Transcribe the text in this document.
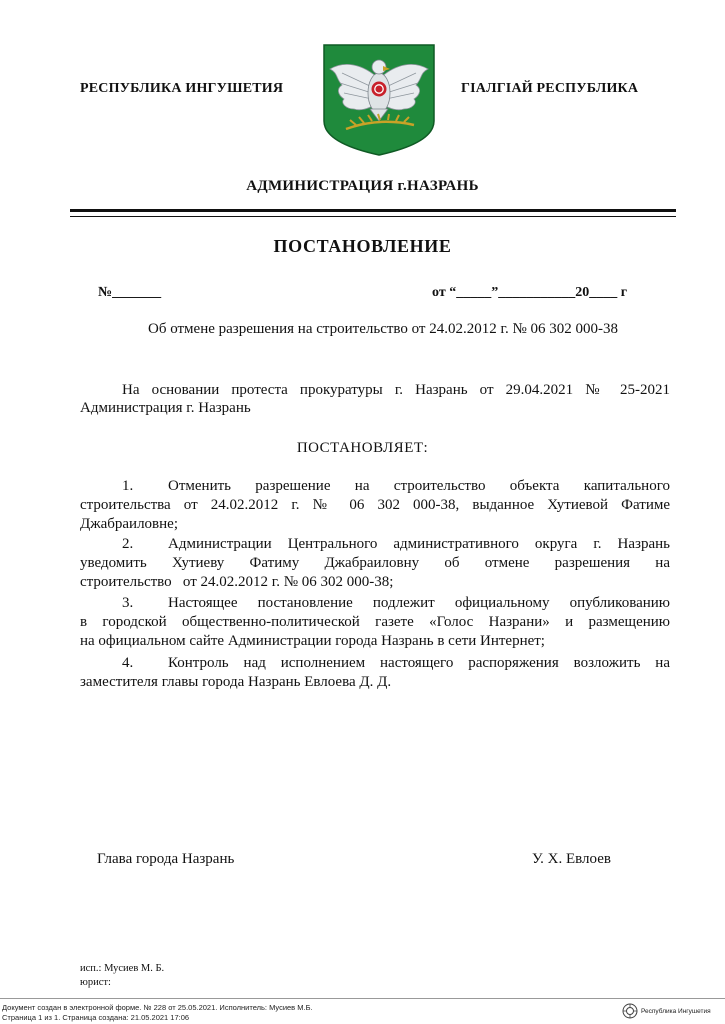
РЕСПУБЛИКА ИНГУШЕТИЯ	ГIАЛГIАЙ РЕСПУБЛИКА
АДМИНИСТРАЦИЯ г.НАЗРАНЬ
ПОСТАНОВЛЕНИЕ
№_______	от “_____”___________20____ г
Об отмене разрешения на строительство от 24.02.2012 г. № 06 302 000-38
На основании протеста прокуратуры г. Назрань от 29.04.2021 № 25-2021
Администрация г. Назрань
ПОСТАНОВЛЯЕТ:
1. Отменить разрешение на строительство объекта капитального
строительства от 24.02.2012 г. № 06 302 000-38, выданное Хутиевой Фатиме
Джабраиловне;
2. Администрации Центрального административного округа г. Назрань
уведомить Хутиеву Фатиму Джабраиловну об отмене разрешения на
строительство   от 24.02.2012 г. № 06 302 000-38;
3. Настоящее постановление подлежит официальному опубликованию
в городской общественно-политической газете «Голос Назрани» и размещению
на официальном сайте Администрации города Назрань в сети Интернет;
4. Контроль над исполнением настоящего распоряжения возложить на
заместителя главы города Назрань Евлоева Д. Д.
Глава города Назрань	У. Х. Евлоев
исп.: Мусиев М. Б.
юрист:
Документ создан в электронной форме. № 228 от 25.05.2021. Исполнитель: Мусиев М.Б.
Страница 1 из 1. Страница создана: 21.05.2021 17:06
Республика Ингушетия
